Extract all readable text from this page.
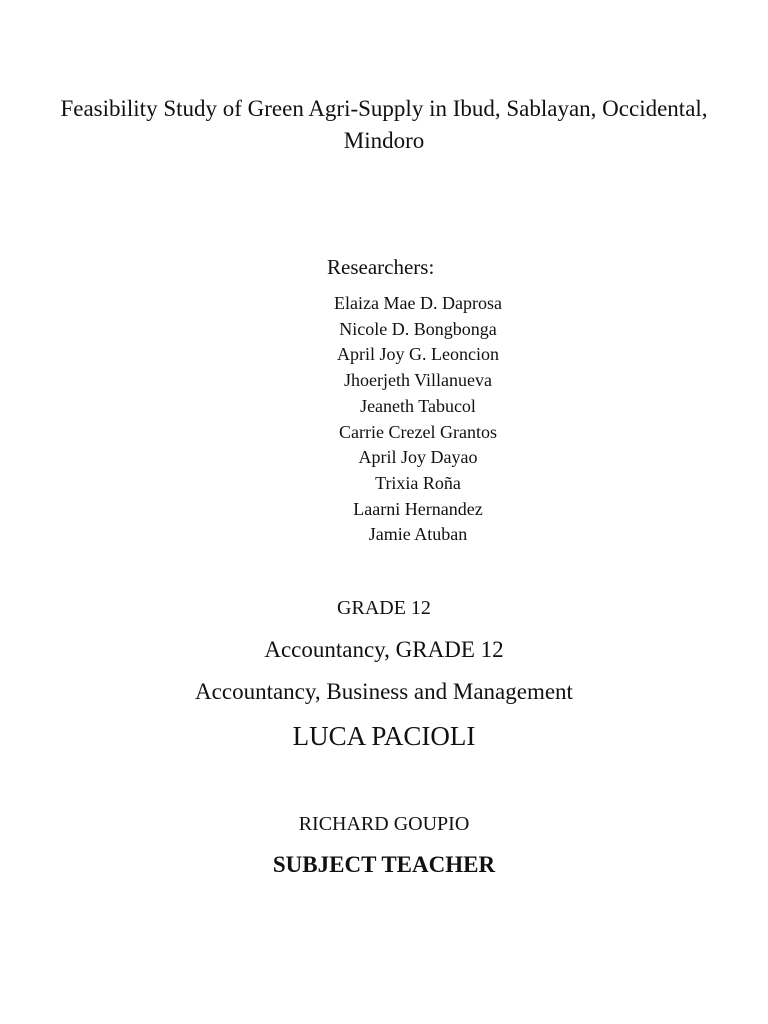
Feasibility Study of Green Agri-Supply in Ibud, Sablayan, Occidental, Mindoro
Researchers:
Elaiza Mae D. Daprosa
Nicole D. Bongbonga
April Joy G. Leoncion
Jhoerjeth Villanueva
Jeaneth Tabucol
Carrie Crezel Grantos
April Joy Dayao
Trixia Roña
Laarni Hernandez
Jamie Atuban
GRADE 12
Accountancy, GRADE 12
Accountancy, Business and Management
LUCA PACIOLI
RICHARD GOUPIO
SUBJECT TEACHER
